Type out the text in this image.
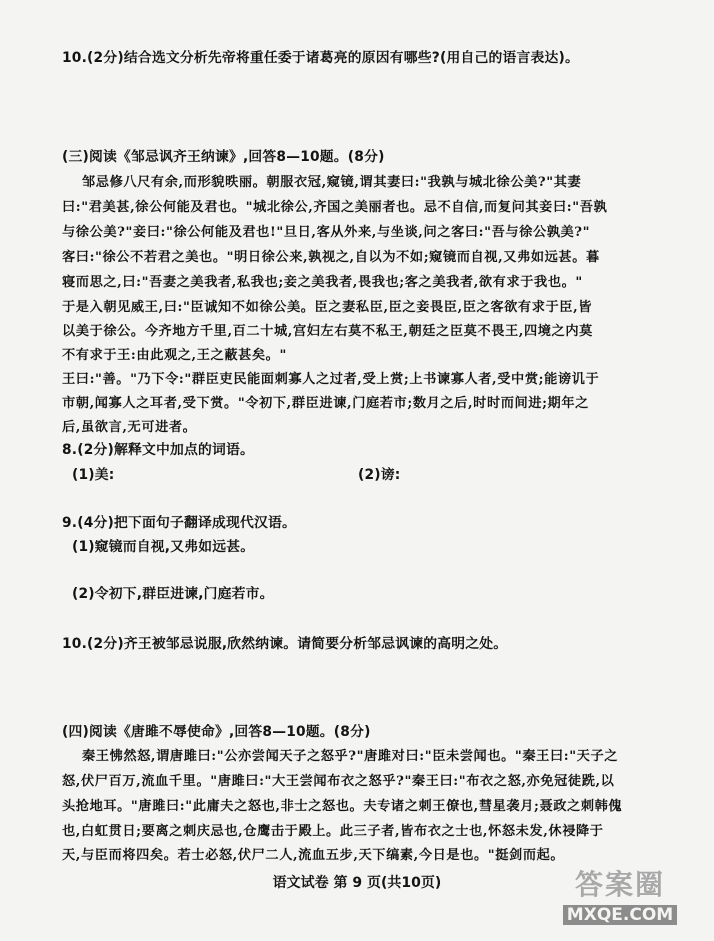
10.(2分)结合选文分析先帝将重任委于诸葛亮的原因有哪些?(用自己的语言表达)。
(三)阅读《邹忌讽齐王纳谏》,回答8—10题。(8分)
邹忌修八尺有余,而形貌昳丽。朝服衣冠,窥镜,谓其妻曰:"我孰与城北徐公美?"其妻
曰:"君美甚,徐公何能及君也。"城北徐公,齐国之美丽者也。忌不自信,而复问其妾曰:"吾孰
与徐公美?"妾曰:"徐公何能及君也!"旦日,客从外来,与坐谈,问之客曰:"吾与徐公孰美?"
客曰:"徐公不若君之美也。"明日徐公来,孰视之,自以为不如;窥镜而自视,又弗如远甚。暮
寝而思之,曰:"吾妻之美我者,私我也;妾之美我者,畏我也;客之美我者,欲有求于我也。"
于是入朝见威王,曰:"臣诚知不如徐公美。臣之妻私臣,臣之妾畏臣,臣之客欲有求于臣,皆
以美于徐公。今齐地方千里,百二十城,宫妇左右莫不私王,朝廷之臣莫不畏王,四境之内莫
不有求于王:由此观之,王之蔽甚矣。"
王曰:"善。"乃下令:"群臣吏民能面刺寡人之过者,受上赏;上书谏寡人者,受中赏;能谤讥于
市朝,闻寡人之耳者,受下赏。"令初下,群臣进谏,门庭若市;数月之后,时时而间进;期年之
后,虽欲言,无可进者。
8.(2分)解释文中加点的词语。
(1)美:	(2)谤:
9.(4分)把下面句子翻译成现代汉语。
(1)窥镜而自视,又弗如远甚。
(2)令初下,群臣进谏,门庭若市。
10.(2分)齐王被邹忌说服,欣然纳谏。请简要分析邹忌讽谏的高明之处。
(四)阅读《唐雎不辱使命》,回答8—10题。(8分)
秦王怫然怒,谓唐雎曰:"公亦尝闻天子之怒乎?"唐雎对曰:"臣未尝闻也。"秦王曰:"天子之
怒,伏尸百万,流血千里。"唐雎曰:"大王尝闻布衣之怒乎?"秦王曰:"布衣之怒,亦免冠徒跣,以
头抢地耳。"唐雎曰:"此庸夫之怒也,非士之怒也。夫专诸之刺王僚也,彗星袭月;聂政之刺韩傀
也,白虹贯日;要离之刺庆忌也,仓鹰击于殿上。此三子者,皆布衣之士也,怀怒未发,休祲降于
天,与臣而将四矣。若士必怒,伏尸二人,流血五步,天下缟素,今日是也。"挺剑而起。
语文试卷 第 9 页(共10页)	答案圈
MXQE.COM
